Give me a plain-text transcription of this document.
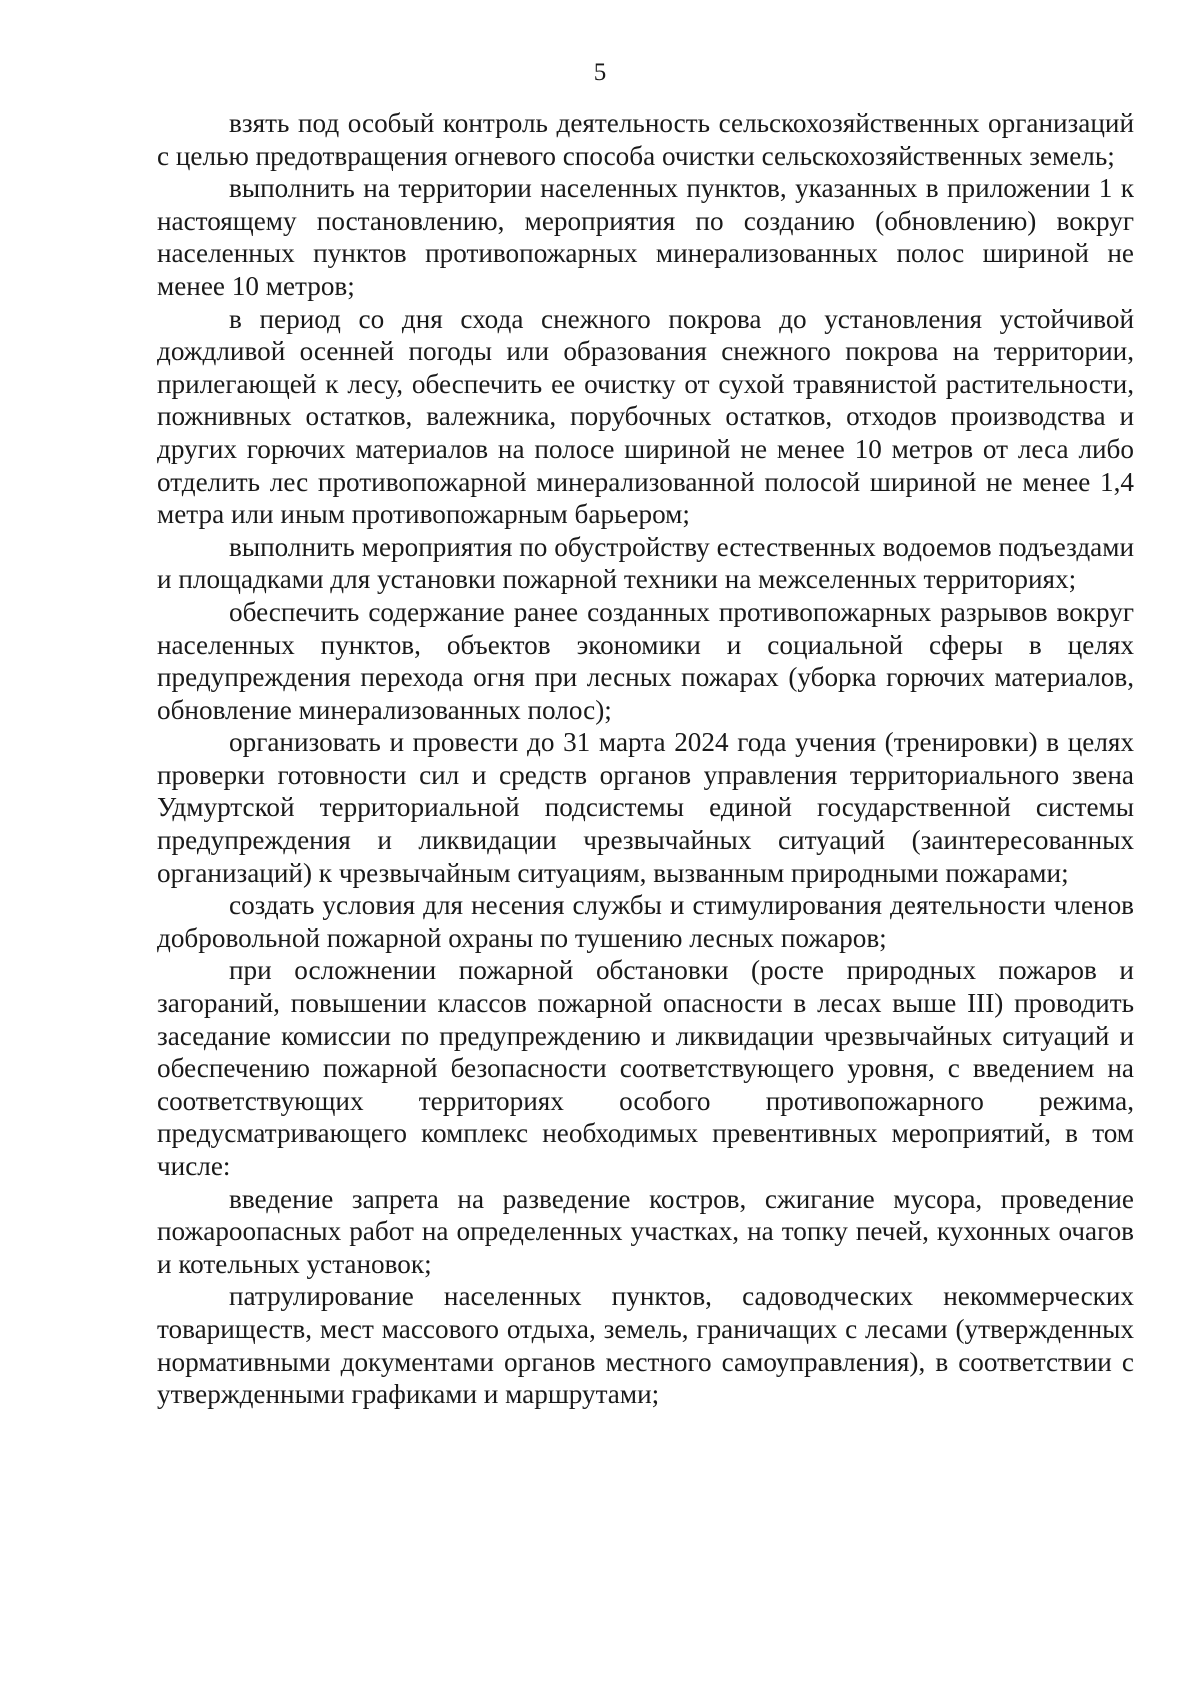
5

взять под особый контроль деятельность сельскохозяйственных организаций с целью предотвращения огневого способа очистки сельскохозяйственных земель;

выполнить на территории населенных пунктов, указанных в приложении 1 к настоящему постановлению, мероприятия по созданию (обновлению) вокруг населенных пунктов противопожарных минерализованных полос шириной не менее 10 метров;

в период со дня схода снежного покрова до установления устойчивой дождливой осенней погоды или образования снежного покрова на территории, прилегающей к лесу, обеспечить ее очистку от сухой травянистой растительности, пожнивных остатков, валежника, порубочных остатков, отходов производства и других горючих материалов на полосе шириной не менее 10 метров от леса либо отделить лес противопожарной минерализованной полосой шириной не менее 1,4 метра или иным противопожарным барьером;

выполнить мероприятия по обустройству естественных водоемов подъездами и площадками для установки пожарной техники на межселенных территориях;

обеспечить содержание ранее созданных противопожарных разрывов вокруг населенных пунктов, объектов экономики и социальной сферы в целях предупреждения перехода огня при лесных пожарах (уборка горючих материалов, обновление минерализованных полос);

организовать и провести до 31 марта 2024 года учения (тренировки) в целях проверки готовности сил и средств органов управления территориального звена Удмуртской территориальной подсистемы единой государственной системы предупреждения и ликвидации чрезвычайных ситуаций (заинтересованных организаций) к чрезвычайным ситуациям, вызванным природными пожарами;

создать условия для несения службы и стимулирования деятельности членов добровольной пожарной охраны по тушению лесных пожаров;

при осложнении пожарной обстановки (росте природных пожаров и загораний, повышении классов пожарной опасности в лесах выше III) проводить заседание комиссии по предупреждению и ликвидации чрезвычайных ситуаций и обеспечению пожарной безопасности соответствующего уровня, с введением на соответствующих территориях особого противопожарного режима, предусматривающего комплекс необходимых превентивных мероприятий, в том числе:

введение запрета на разведение костров, сжигание мусора, проведение пожароопасных работ на определенных участках, на топку печей, кухонных очагов и котельных установок;

патрулирование населенных пунктов, садоводческих некоммерческих товариществ, мест массового отдыха, земель, граничащих с лесами (утвержденных нормативными документами органов местного самоуправления), в соответствии с утвержденными графиками и маршрутами;
